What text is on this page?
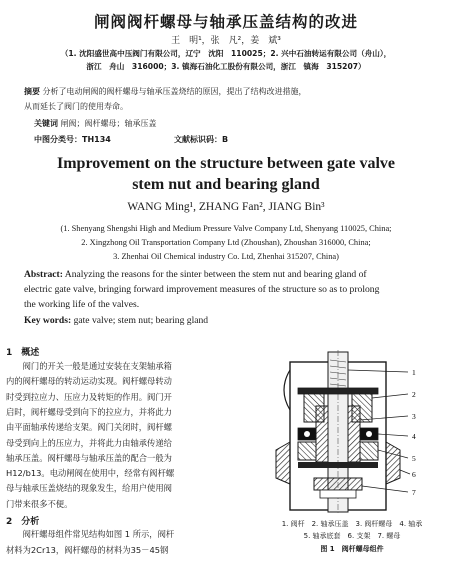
闸阀阀杆螺母与轴承压盖结构的改进
王　明¹，张　凡²，姜　斌³
（1. 沈阳盛世高中压阀门有限公司，辽宁　沈阳　110025；2. 兴中石油转运有限公司（舟山），
浙江　舟山　316000；3. 镇海石油化工股份有限公司，浙江　镇海　315207）
摘要 分析了电动闸阀的阀杆螺母与轴承压盖烧结的原因，提出了结构改进措施，
从而延长了阀门的使用寿命。
关键词 闸阀；阀杆螺母；轴承压盖
中图分类号：TH134	文献标识码：B
Improvement on the structure between gate valve
stem nut and bearing gland
WANG Ming¹, ZHANG Fan², JIANG Bin³
(1. Shenyang Shengshi High and Medium Pressure Valve Company Ltd, Shenyang 110025, China;
2. Xingzhong Oil Transportation Company Ltd (Zhoushan), Zhoushan 316000, China;
3. Zhenhai Oil Chemical industry Co. Ltd, Zhenhai 315207, China)
Abstract: Analyzing the reasons for the sinter between the stem nut and bearing gland of
electric gate valve, bringing forward improvement measures of the structure so as to prolong
the working life of the valves.
Key words: gate valve; stem nut; bearing gland
1　概述
　　阀门的开关一般是通过安装在支架轴承箱
内的阀杆螺母的转动运动实现。阀杆螺母转动
时受到拉应力、压应力及转矩的作用。阀门开
启时，阀杆螺母受到向下的拉应力，并将此力
由平面轴承传递给支架。阀门关闭时，阀杆螺
母受到向上的压应力，并将此力由轴承传递给
轴承压盖。阀杆螺母与轴承压盖的配合一般为
H12/b13。电动闸阀在使用中，经常有阀杆螺
母与轴承压盖烧结的现象发生，给用户使用阀
门带来很多不便。
2　分析
　　阀杆螺母组件常见结构如图 1 所示，阀杆
材料为2Cr13，阀杆螺母的材料为35－45钢
1
2
3
4
5
6
7
1. 阀杆　2. 轴承压盖　3. 阀杆螺母　4. 轴承
5. 轴承底套　6. 支架　7. 螺母
图 1　阀杆螺母组件
